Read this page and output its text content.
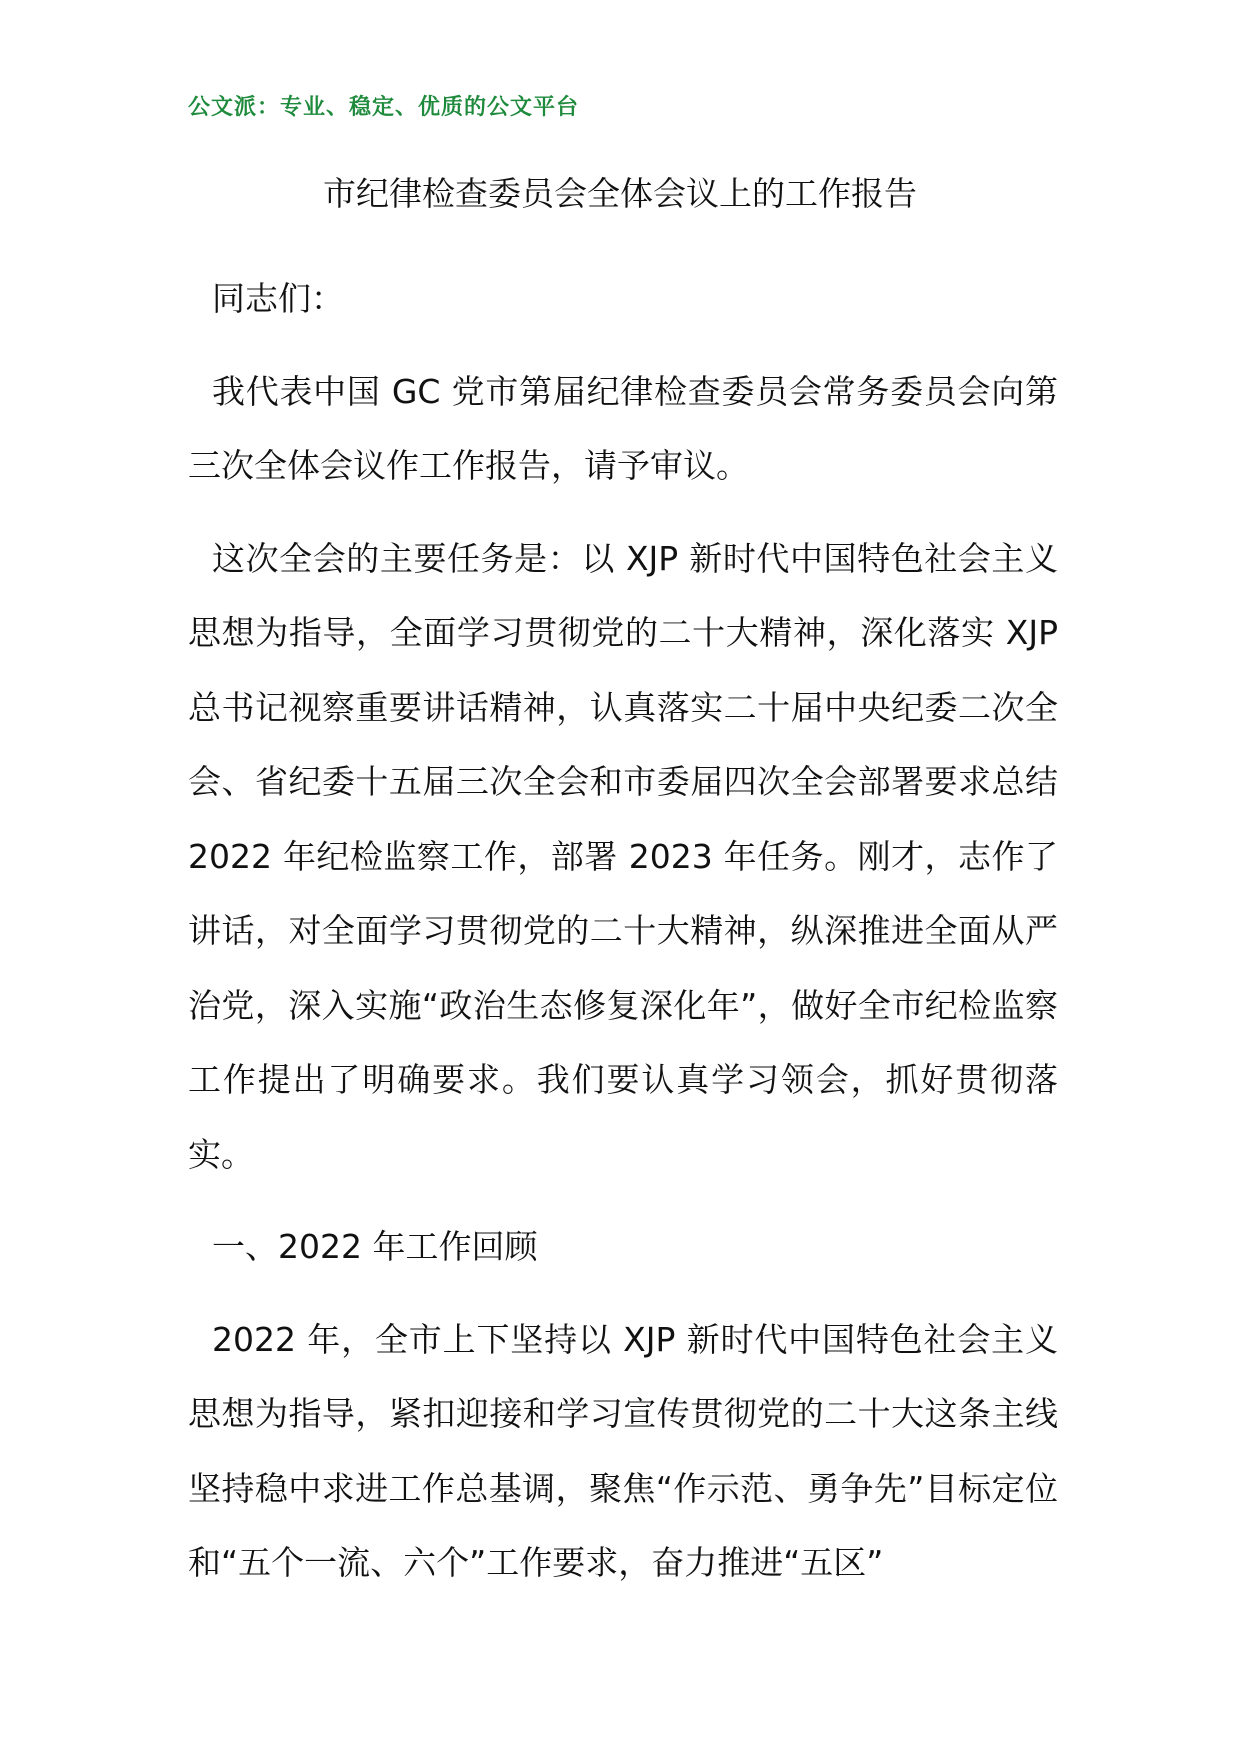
公文派：专业、稳定、优质的公文平台
市纪律检查委员会全体会议上的工作报告

同志们：

我代表中国 GC 党市第届纪律检查委员会常务委员会向第三次全体会议作工作报告，请予审议。

这次全会的主要任务是：以 XJP 新时代中国特色社会主义思想为指导，全面学习贯彻党的二十大精神，深化落实 XJP 总书记视察重要讲话精神，认真落实二十届中央纪委二次全会、省纪委十五届三次全会和市委届四次全会部署要求总结 2022 年纪检监察工作，部署 2023 年任务。刚才，志作了讲话，对全面学习贯彻党的二十大精神，纵深推进全面从严治党，深入实施“政治生态修复深化年”，做好全市纪检监察工作提出了明确要求。我们要认真学习领会，抓好贯彻落实。

一、2022 年工作回顾

2022 年，全市上下坚持以 XJP 新时代中国特色社会主义思想为指导，紧扣迎接和学习宣传贯彻党的二十大这条主线坚持稳中求进工作总基调，聚焦“作示范、勇争先”目标定位和“五个一流、六个”工作要求，奋力推进“五区”
